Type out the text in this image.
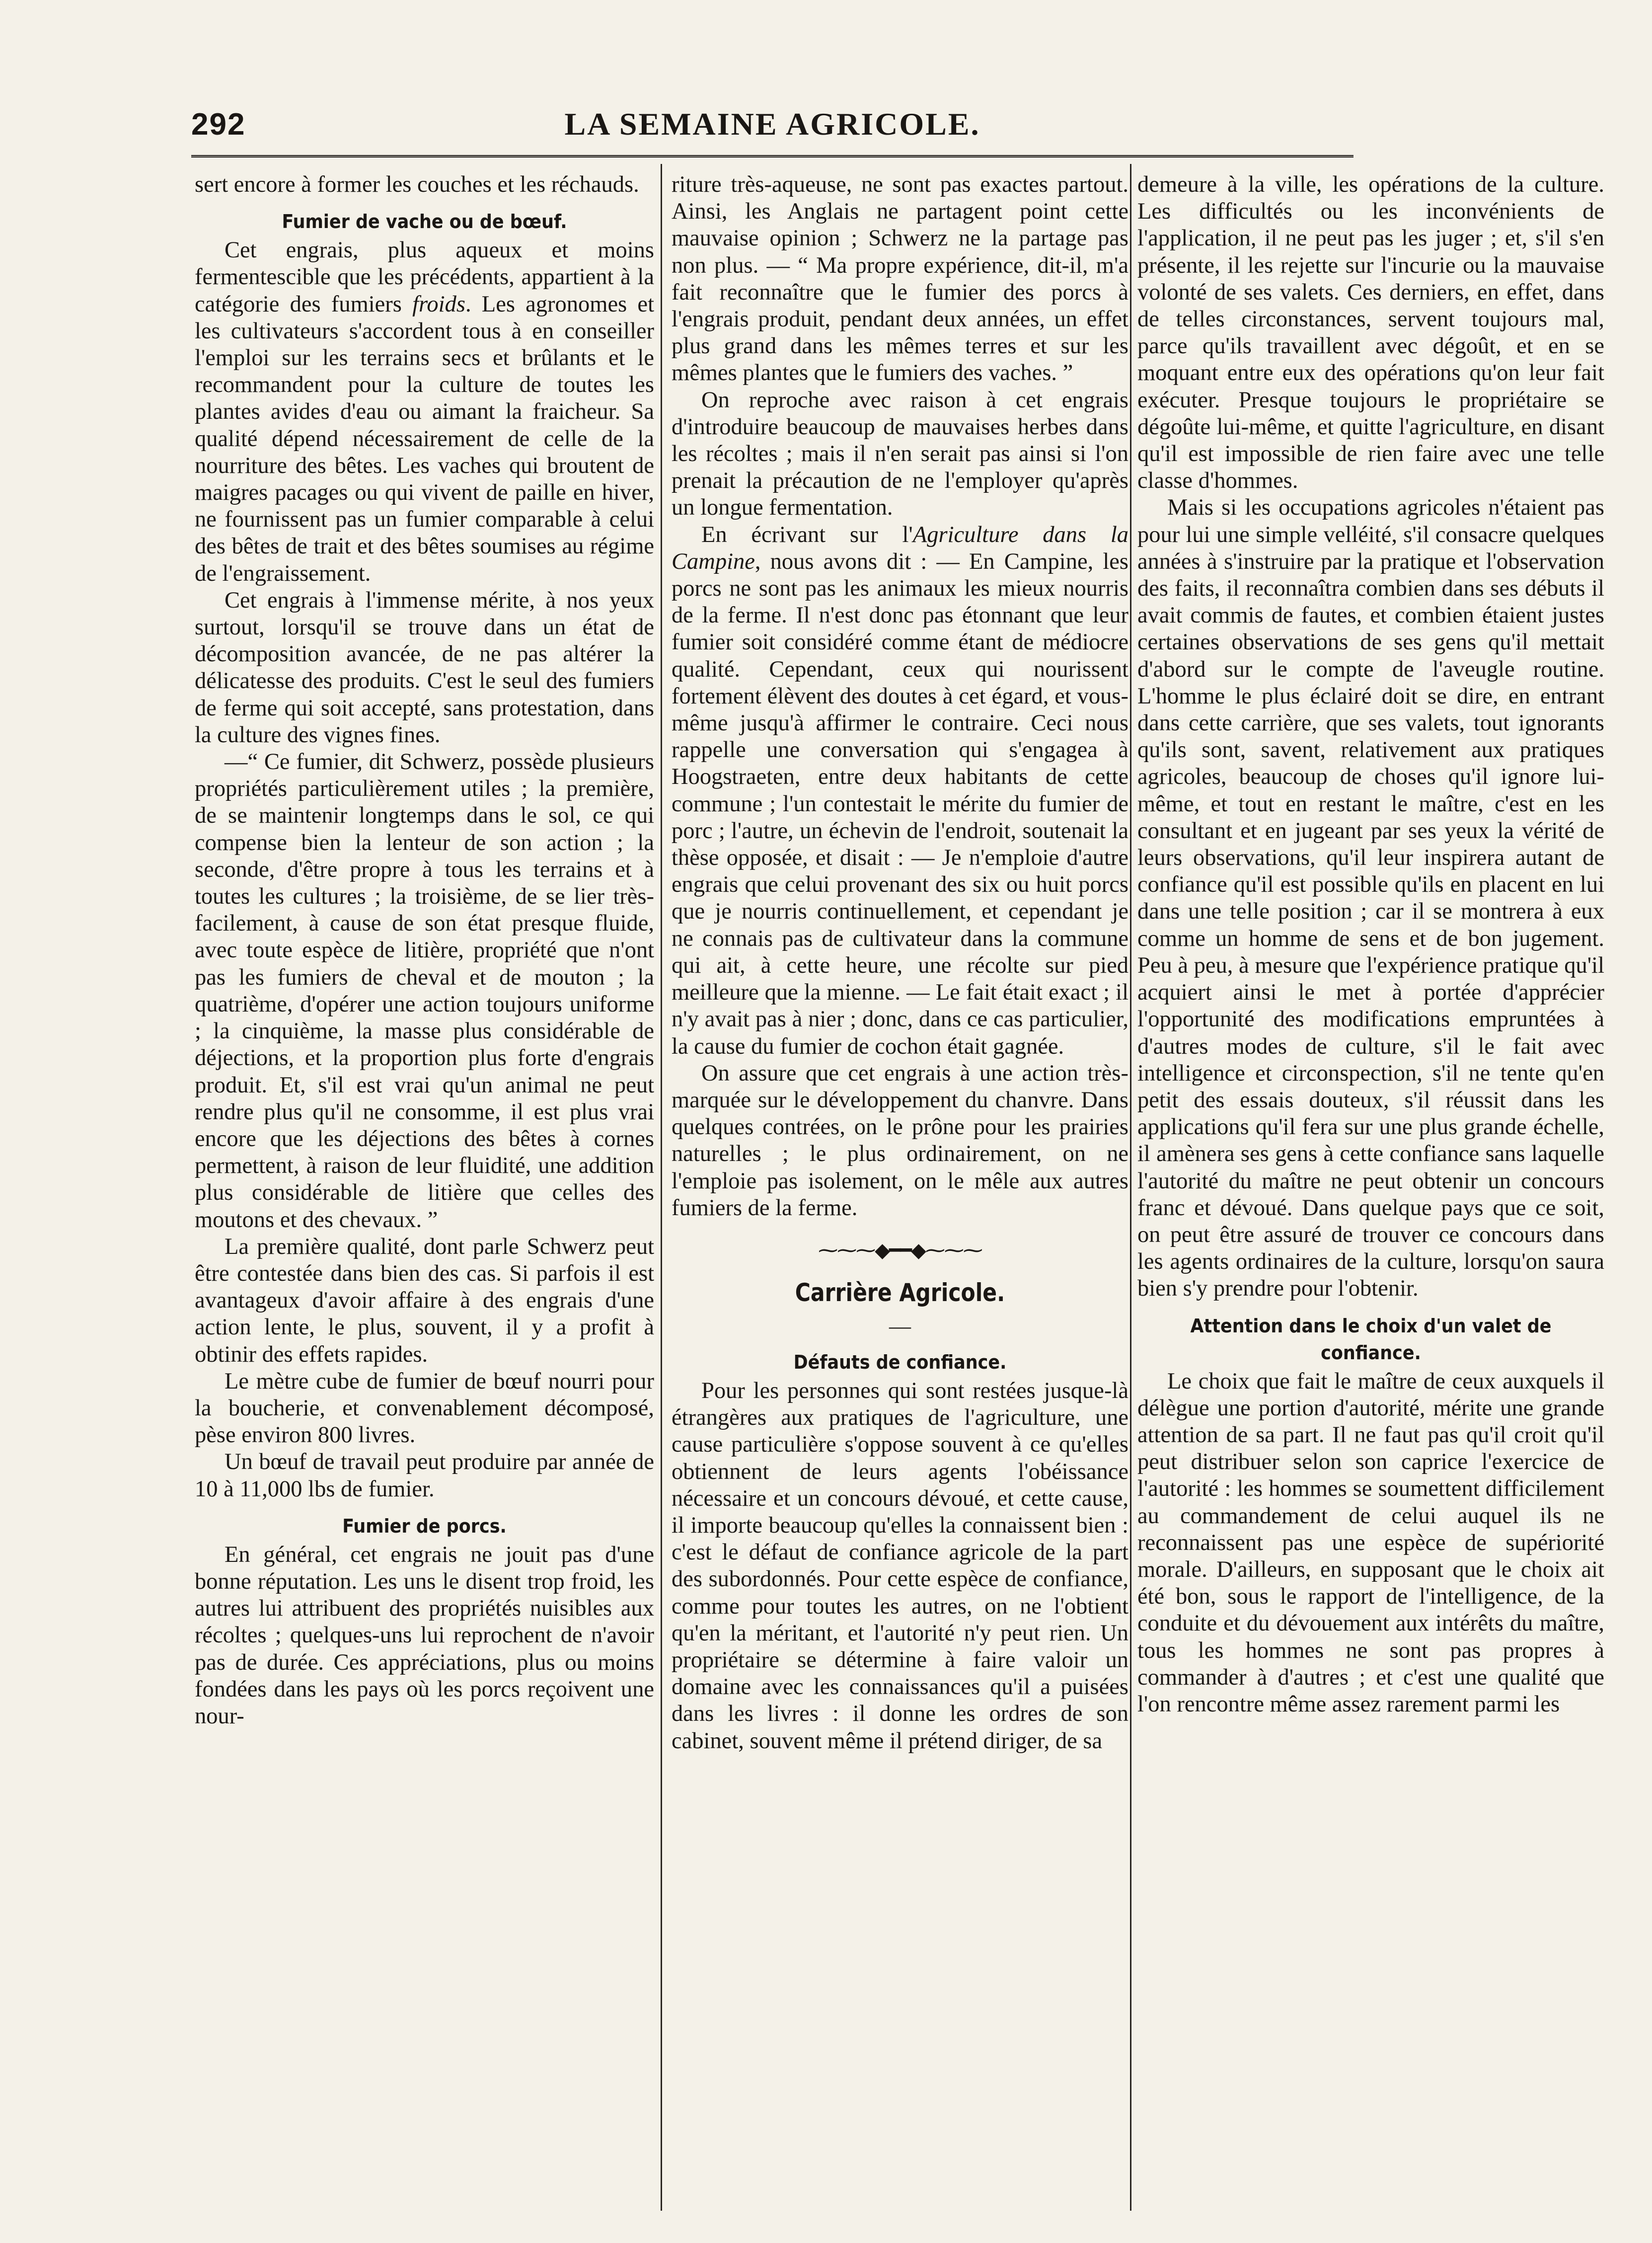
292	LA SEMAINE AGRICOLE.

sert encore à former les couches et les réchauds.

Fumier de vache ou de bœuf.

Cet engrais, plus aqueux et moins fermentescible que les précédents, appartient à la catégorie des fumiers froids. Les agronomes et les cultivateurs s'accordent tous à en conseiller l'emploi sur les terrains secs et brûlants et le recommandent pour la culture de toutes les plantes avides d'eau ou aimant la fraicheur. Sa qualité dépend nécessairement de celle de la nourriture des bêtes. Les vaches qui broutent de maigres pacages ou qui vivent de paille en hiver, ne fournissent pas un fumier comparable à celui des bêtes de trait et des bêtes soumises au régime de l'engraissement.

Cet engrais à l'immense mérite, à nos yeux surtout, lorsqu'il se trouve dans un état de décomposition avancée, de ne pas altérer la délicatesse des produits. C'est le seul des fumiers de ferme qui soit accepté, sans protestation, dans la culture des vignes fines.

—“ Ce fumier, dit Schwerz, possède plusieurs propriétés particulièrement utiles ; la première, de se maintenir longtemps dans le sol, ce qui compense bien la lenteur de son action ; la seconde, d'être propre à tous les terrains et à toutes les cultures ; la troisième, de se lier très-facilement, à cause de son état presque fluide, avec toute espèce de litière, propriété que n'ont pas les fumiers de cheval et de mouton ; la quatrième, d'opérer une action toujours uniforme ; la cinquième, la masse plus considérable de déjections, et la proportion plus forte d'engrais produit. Et, s'il est vrai qu'un animal ne peut rendre plus qu'il ne consomme, il est plus vrai encore que les déjections des bêtes à cornes permettent, à raison de leur fluidité, une addition plus considérable de litière que celles des moutons et des chevaux. ”

La première qualité, dont parle Schwerz peut être contestée dans bien des cas. Si parfois il est avantageux d'avoir affaire à des engrais d'une action lente, le plus, souvent, il y a profit à obtinir des effets rapides.

Le mètre cube de fumier de bœuf nourri pour la boucherie, et convenablement décomposé, pèse environ 800 livres.

Un bœuf de travail peut produire par année de 10 à 11,000 lbs de fumier.

Fumier de porcs.

En général, cet engrais ne jouit pas d'une bonne réputation. Les uns le disent trop froid, les autres lui attribuent des propriétés nuisibles aux récoltes ; quelques-uns lui reprochent de n'avoir pas de durée. Ces appréciations, plus ou moins fondées dans les pays où les porcs reçoivent une nour-

riture très-aqueuse, ne sont pas exactes partout. Ainsi, les Anglais ne partagent point cette mauvaise opinion ; Schwerz ne la partage pas non plus. — “ Ma propre expérience, dit-il, m'a fait reconnaître que le fumier des porcs à l'engrais produit, pendant deux années, un effet plus grand dans les mêmes terres et sur les mêmes plantes que le fumiers des vaches. ”

On reproche avec raison à cet engrais d'introduire beaucoup de mauvaises herbes dans les récoltes ; mais il n'en serait pas ainsi si l'on prenait la précaution de ne l'employer qu'après un longue fermentation.

En écrivant sur l'Agriculture dans la Campine, nous avons dit : — En Campine, les porcs ne sont pas les animaux les mieux nourris de la ferme. Il n'est donc pas étonnant que leur fumier soit considéré comme étant de médiocre qualité. Cependant, ceux qui nourissent fortement élèvent des doutes à cet égard, et vous-même jusqu'à affirmer le contraire. Ceci nous rappelle une conversation qui s'engagea à Hoogstraeten, entre deux habitants de cette commune ; l'un contestait le mérite du fumier de porc ; l'autre, un échevin de l'endroit, soutenait la thèse opposée, et disait : — Je n'emploie d'autre engrais que celui provenant des six ou huit porcs que je nourris continuellement, et cependant je ne connais pas de cultivateur dans la commune qui ait, à cette heure, une récolte sur pied meilleure que la mienne. — Le fait était exact ; il n'y avait pas à nier ; donc, dans ce cas particulier, la cause du fumier de cochon était gagnée.

On assure que cet engrais à une action très-marquée sur le développement du chanvre. Dans quelques contrées, on le prône pour les prairies naturelles ; le plus ordinairement, on ne l'emploie pas isolement, on le mêle aux autres fumiers de la ferme.

⁓⁓⁓◆━━◆⁓⁓⁓
Carrière Agricole.
—
Défauts de confiance.

Pour les personnes qui sont restées jusque-là étrangères aux pratiques de l'agriculture, une cause particulière s'oppose souvent à ce qu'elles obtiennent de leurs agents l'obéissance nécessaire et un concours dévoué, et cette cause, il importe beaucoup qu'elles la connaissent bien : c'est le défaut de confiance agricole de la part des subordonnés. Pour cette espèce de confiance, comme pour toutes les autres, on ne l'obtient qu'en la méritant, et l'autorité n'y peut rien. Un propriétaire se détermine à faire valoir un domaine avec les connaissances qu'il a puisées dans les livres : il donne les ordres de son cabinet, souvent même il prétend diriger, de sa

demeure à la ville, les opérations de la culture. Les difficultés ou les inconvénients de l'application, il ne peut pas les juger ; et, s'il s'en présente, il les rejette sur l'incurie ou la mauvaise volonté de ses valets. Ces derniers, en effet, dans de telles circonstances, servent toujours mal, parce qu'ils travaillent avec dégoût, et en se moquant entre eux des opérations qu'on leur fait exécuter. Presque toujours le propriétaire se dégoûte lui-même, et quitte l'agriculture, en disant qu'il est impossible de rien faire avec une telle classe d'hommes.

Mais si les occupations agricoles n'étaient pas pour lui une simple velléité, s'il consacre quelques années à s'instruire par la pratique et l'observation des faits, il reconnaîtra combien dans ses débuts il avait commis de fautes, et combien étaient justes certaines observations de ses gens qu'il mettait d'abord sur le compte de l'aveugle routine. L'homme le plus éclairé doit se dire, en entrant dans cette carrière, que ses valets, tout ignorants qu'ils sont, savent, relativement aux pratiques agricoles, beaucoup de choses qu'il ignore lui-même, et tout en restant le maître, c'est en les consultant et en jugeant par ses yeux la vérité de leurs observations, qu'il leur inspirera autant de confiance qu'il est possible qu'ils en placent en lui dans une telle position ; car il se montrera à eux comme un homme de sens et de bon jugement. Peu à peu, à mesure que l'expérience pratique qu'il acquiert ainsi le met à portée d'apprécier l'opportunité des modifications empruntées à d'autres modes de culture, s'il le fait avec intelligence et circonspection, s'il ne tente qu'en petit des essais douteux, s'il réussit dans les applications qu'il fera sur une plus grande échelle, il amènera ses gens à cette confiance sans laquelle l'autorité du maître ne peut obtenir un concours franc et dévoué. Dans quelque pays que ce soit, on peut être assuré de trouver ce concours dans les agents ordinaires de la culture, lorsqu'on saura bien s'y prendre pour l'obtenir.

Attention dans le choix d'un valet de confiance.

Le choix que fait le maître de ceux auxquels il délègue une portion d'autorité, mérite une grande attention de sa part. Il ne faut pas qu'il croit qu'il peut distribuer selon son caprice l'exercice de l'autorité : les hommes se soumettent difficilement au commandement de celui auquel ils ne reconnaissent pas une espèce de supériorité morale. D'ailleurs, en supposant que le choix ait été bon, sous le rapport de l'intelligence, de la conduite et du dévouement aux intérêts du maître, tous les hommes ne sont pas propres à commander à d'autres ; et c'est une qualité que l'on rencontre même assez rarement parmi les
